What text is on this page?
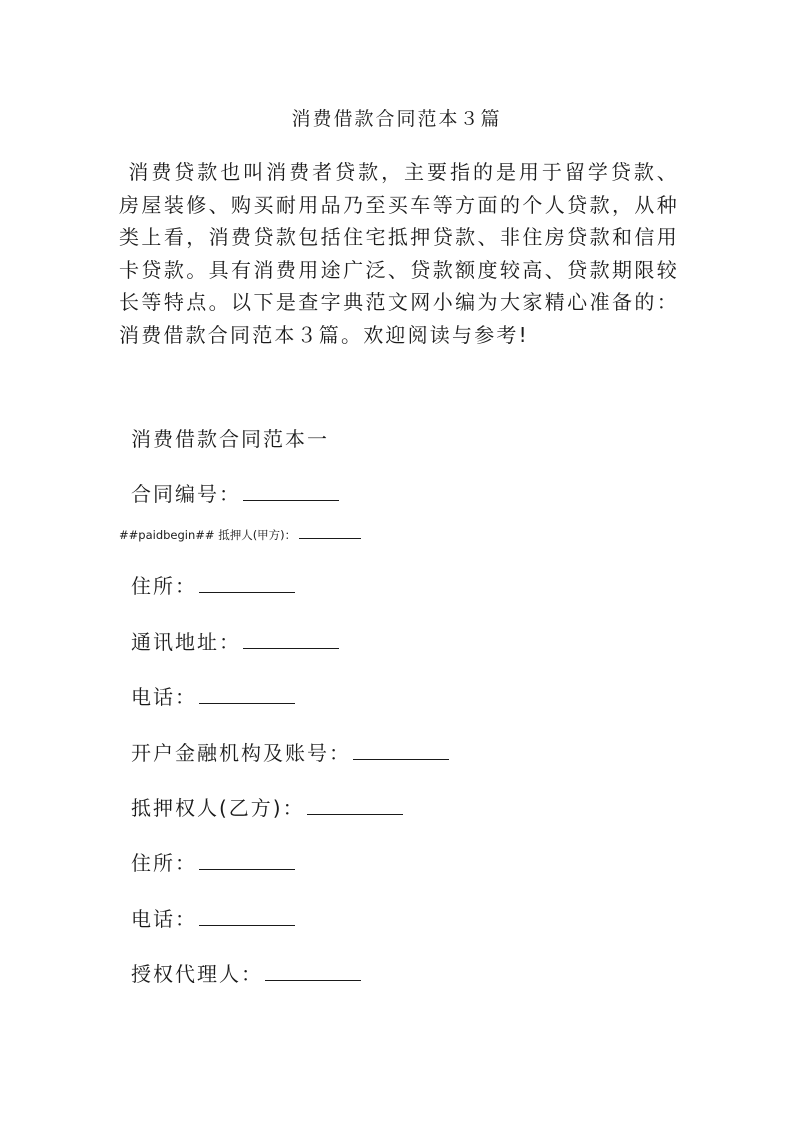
消费借款合同范本３篇

消费贷款也叫消费者贷款，主要指的是用于留学贷款、房屋装修、购买耐用品乃至买车等方面的个人贷款，从种类上看，消费贷款包括住宅抵押贷款、非住房贷款和信用卡贷款。具有消费用途广泛、贷款额度较高、贷款期限较长等特点。以下是查字典范文网小编为大家精心准备的：消费借款合同范本３篇。欢迎阅读与参考!

消费借款合同范本一
合同编号：
##paidbegin## 抵押人(甲方)：
住所：
通讯地址：
电话：
开户金融机构及账号：
抵押权人(乙方)：
住所：
电话：
授权代理人：
